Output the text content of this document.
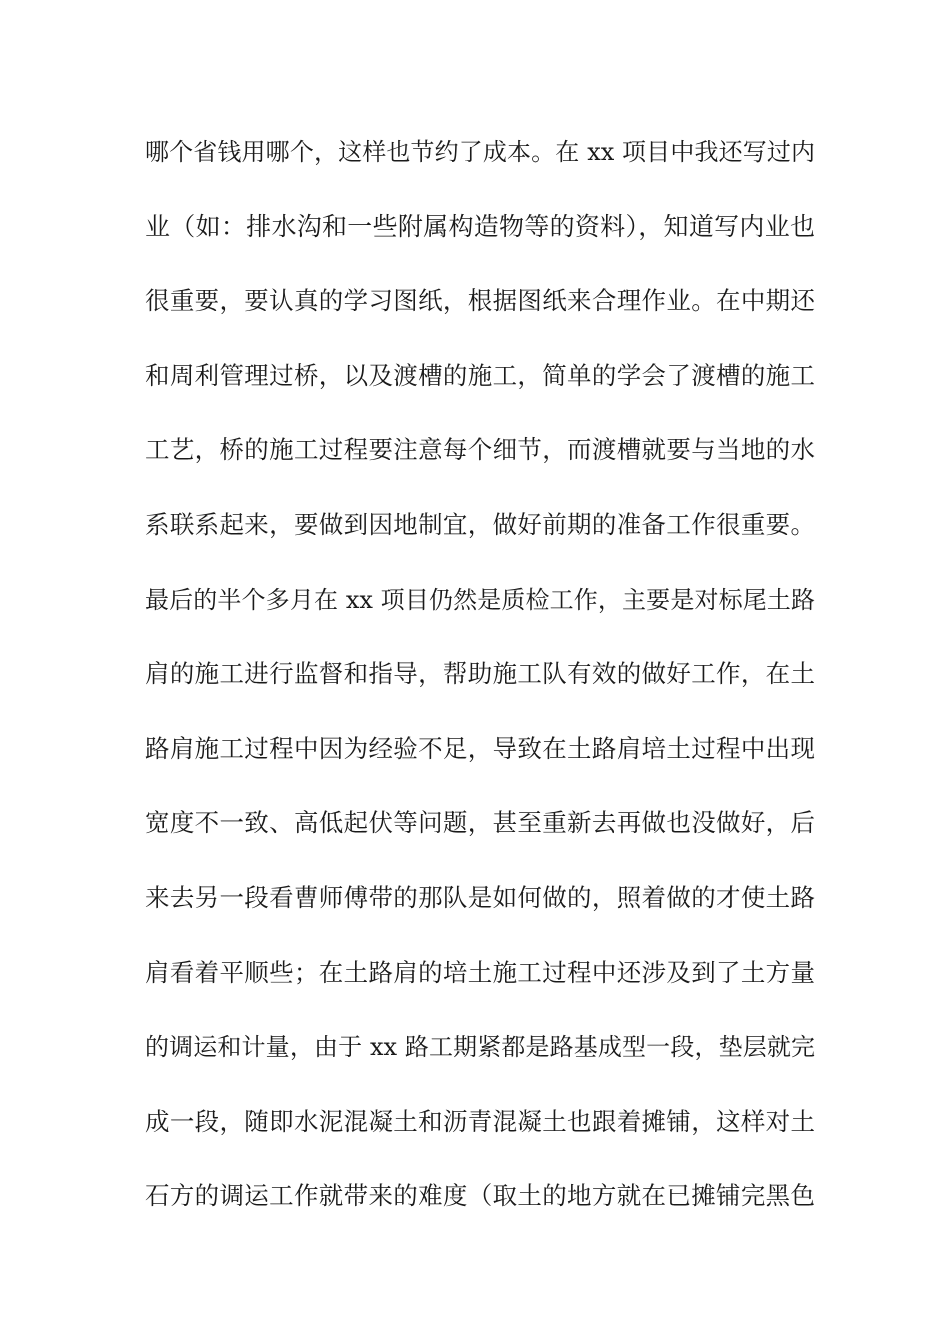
哪个省钱用哪个，这样也节约了成本。在 xx 项目中我还写过内
业（如：排水沟和一些附属构造物等的资料），知道写内业也
很重要，要认真的学习图纸，根据图纸来合理作业。在中期还
和周利管理过桥，以及渡槽的施工，简单的学会了渡槽的施工
工艺，桥的施工过程要注意每个细节，而渡槽就要与当地的水
系联系起来，要做到因地制宜，做好前期的准备工作很重要。
最后的半个多月在 xx 项目仍然是质检工作，主要是对标尾土路
肩的施工进行监督和指导，帮助施工队有效的做好工作，在土
路肩施工过程中因为经验不足，导致在土路肩培土过程中出现
宽度不一致、高低起伏等问题，甚至重新去再做也没做好，后
来去另一段看曹师傅带的那队是如何做的，照着做的才使土路
肩看着平顺些；在土路肩的培土施工过程中还涉及到了土方量
的调运和计量，由于 xx 路工期紧都是路基成型一段，垫层就完
成一段，随即水泥混凝土和沥青混凝土也跟着摊铺，这样对土
石方的调运工作就带来的难度（取土的地方就在已摊铺完黑色
